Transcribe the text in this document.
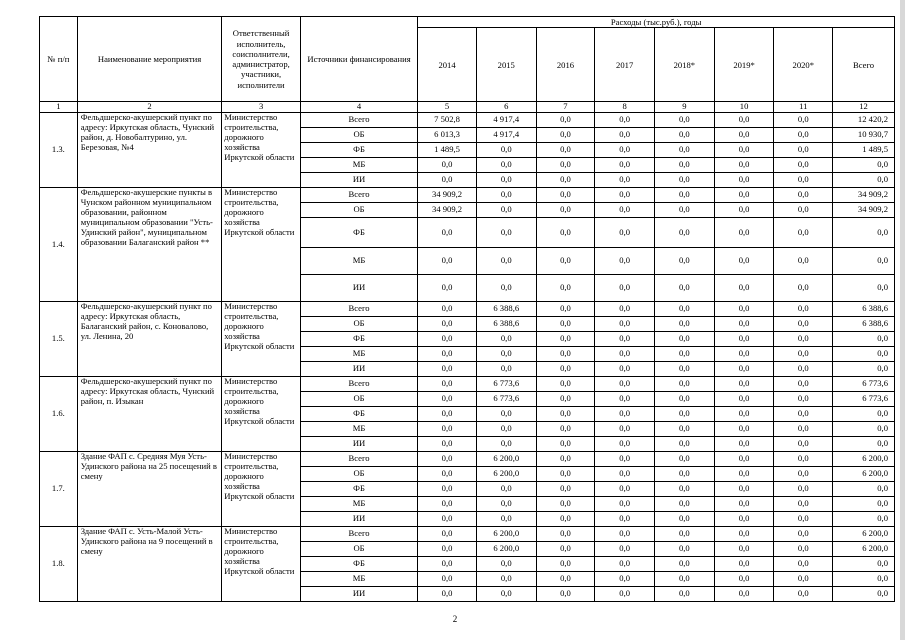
№ п/п	Наименование мероприятия	Ответственный исполнитель, соисполнители, администратор, участники, исполнители	Источники финансирования	Расходы (тыс.руб.), годы							
				2014	2015	2016	2017	2018*	2019*	2020*	Всего
1	2	3	4	5	6	7	8	9	10	11	12
1.3.	Фельдшерско-акушерский пункт по адресу: Иркутская область, Чунский район, д. Новобалтурино, ул. Березовая, №4	Министерство строительства, дорожного хозяйства Иркутской области	Всего	7 502,8	4 917,4	0,0	0,0	0,0	0,0	0,0	12 420,2
			ОБ	6 013,3	4 917,4	0,0	0,0	0,0	0,0	0,0	10 930,7
			ФБ	1 489,5	0,0	0,0	0,0	0,0	0,0	0,0	1 489,5
			МБ	0,0	0,0	0,0	0,0	0,0	0,0	0,0	0,0
			ИИ	0,0	0,0	0,0	0,0	0,0	0,0	0,0	0,0
1.4.	Фельдшерско-акушерские пункты в Чунском районном муниципальном образовании, районном муниципальном образовании "Усть-Удинский район", муниципальном образовании Балаганский район **	Министерство строительства, дорожного хозяйства Иркутской области	Всего	34 909,2	0,0	0,0	0,0	0,0	0,0	0,0	34 909,2
			ОБ	34 909,2	0,0	0,0	0,0	0,0	0,0	0,0	34 909,2
			ФБ	0,0	0,0	0,0	0,0	0,0	0,0	0,0	0,0
			МБ	0,0	0,0	0,0	0,0	0,0	0,0	0,0	0,0
			ИИ	0,0	0,0	0,0	0,0	0,0	0,0	0,0	0,0
1.5.	Фельдшерско-акушерский пункт по адресу: Иркутская область, Балаганский район, с. Коновалово, ул. Ленина, 20	Министерство строительства, дорожного хозяйства Иркутской области	Всего	0,0	6 388,6	0,0	0,0	0,0	0,0	0,0	6 388,6
			ОБ	0,0	6 388,6	0,0	0,0	0,0	0,0	0,0	6 388,6
			ФБ	0,0	0,0	0,0	0,0	0,0	0,0	0,0	0,0
			МБ	0,0	0,0	0,0	0,0	0,0	0,0	0,0	0,0
			ИИ	0,0	0,0	0,0	0,0	0,0	0,0	0,0	0,0
1.6.	Фельдшерско-акушерский пункт по адресу: Иркутская область, Чунский район, п. Изыкан	Министерство строительства, дорожного хозяйства Иркутской области	Всего	0,0	6 773,6	0,0	0,0	0,0	0,0	0,0	6 773,6
			ОБ	0,0	6 773,6	0,0	0,0	0,0	0,0	0,0	6 773,6
			ФБ	0,0	0,0	0,0	0,0	0,0	0,0	0,0	0,0
			МБ	0,0	0,0	0,0	0,0	0,0	0,0	0,0	0,0
			ИИ	0,0	0,0	0,0	0,0	0,0	0,0	0,0	0,0
1.7.	Здание ФАП с. Средняя Муя Усть-Удинского района на 25 посещений в смену	Министерство строительства, дорожного хозяйства Иркутской области	Всего	0,0	6 200,0	0,0	0,0	0,0	0,0	0,0	6 200,0
			ОБ	0,0	6 200,0	0,0	0,0	0,0	0,0	0,0	6 200,0
			ФБ	0,0	0,0	0,0	0,0	0,0	0,0	0,0	0,0
			МБ	0,0	0,0	0,0	0,0	0,0	0,0	0,0	0,0
			ИИ	0,0	0,0	0,0	0,0	0,0	0,0	0,0	0,0
1.8.	Здание ФАП с. Усть-Малой Усть-Удинского района на 9 посещений в смену	Министерство строительства, дорожного хозяйства Иркутской области	Всего	0,0	6 200,0	0,0	0,0	0,0	0,0	0,0	6 200,0
			ОБ	0,0	6 200,0	0,0	0,0	0,0	0,0	0,0	6 200,0
			ФБ	0,0	0,0	0,0	0,0	0,0	0,0	0,0	0,0
			МБ	0,0	0,0	0,0	0,0	0,0	0,0	0,0	0,0
			ИИ	0,0	0,0	0,0	0,0	0,0	0,0	0,0	0,0
2
